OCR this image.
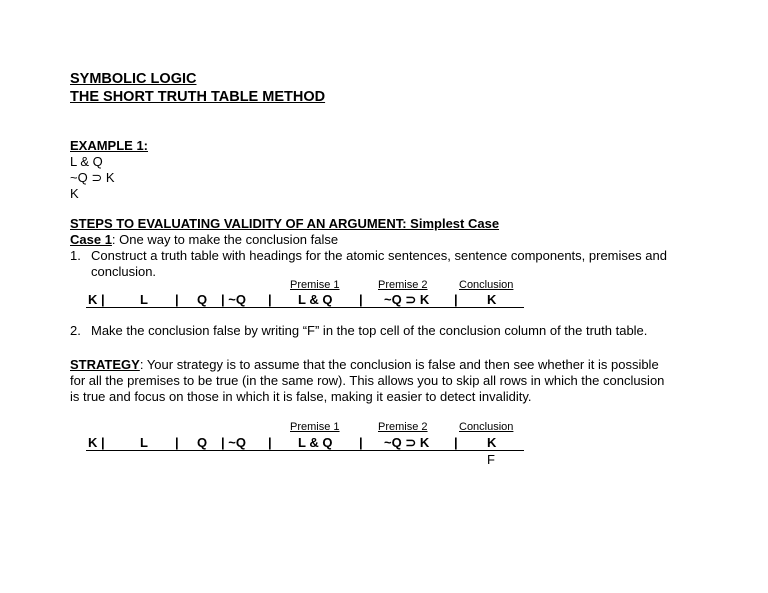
SYMBOLIC LOGIC
THE SHORT TRUTH TABLE METHOD
EXAMPLE 1:
L & Q
~Q ⊃ K
K
STEPS TO EVALUATING VALIDITY OF AN ARGUMENT: Simplest Case
Case 1: One way to make the conclusion false
1. Construct a truth table with headings for the atomic sentences, sentence components, premises and
conclusion.
Premise 1	Premise 2	Conclusion
K |	L | Q | ~Q | L & Q | ~Q ⊃ K | K
2. Make the conclusion false by writing “F” in the top cell of the conclusion column of the truth table.
STRATEGY: Your strategy is to assume that the conclusion is false and then see whether it is possible
for all the premises to be true (in the same row). This allows you to skip all rows in which the conclusion
is true and focus on those in which it is false, making it easier to detect invalidity.
Premise 1	Premise 2	Conclusion
K |	L | Q | ~Q | L & Q | ~Q ⊃ K | K
F
